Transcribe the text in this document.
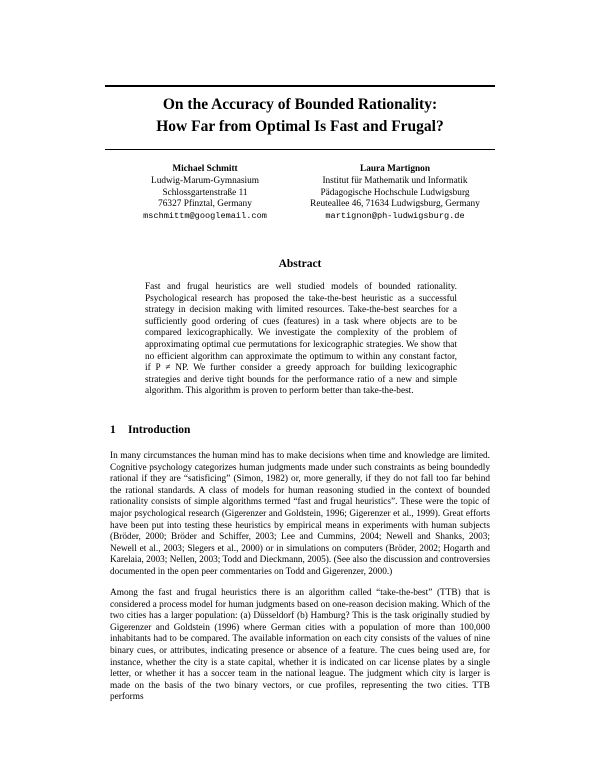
On the Accuracy of Bounded Rationality:
How Far from Optimal Is Fast and Frugal?
Michael Schmitt
Ludwig-Marum-Gymnasium
Schlossgartenstraße 11
76327 Pfinztal, Germany
mschmittm@googlemail.com
Laura Martignon
Institut für Mathematik und Informatik
Pädagogische Hochschule Ludwigsburg
Reuteallee 46, 71634 Ludwigsburg, Germany
martignon@ph-ludwigsburg.de
Abstract
Fast and frugal heuristics are well studied models of bounded rationality. Psychological research has proposed the take-the-best heuristic as a successful strategy in decision making with limited resources. Take-the-best searches for a sufficiently good ordering of cues (features) in a task where objects are to be compared lexicographically. We investigate the complexity of the problem of approximating optimal cue permutations for lexicographic strategies. We show that no efficient algorithm can approximate the optimum to within any constant factor, if P ≠ NP. We further consider a greedy approach for building lexicographic strategies and derive tight bounds for the performance ratio of a new and simple algorithm. This algorithm is proven to perform better than take-the-best.
1 Introduction
In many circumstances the human mind has to make decisions when time and knowledge are limited. Cognitive psychology categorizes human judgments made under such constraints as being boundedly rational if they are “satisficing” (Simon, 1982) or, more generally, if they do not fall too far behind the rational standards. A class of models for human reasoning studied in the context of bounded rationality consists of simple algorithms termed “fast and frugal heuristics”. These were the topic of major psychological research (Gigerenzer and Goldstein, 1996; Gigerenzer et al., 1999). Great efforts have been put into testing these heuristics by empirical means in experiments with human subjects (Bröder, 2000; Bröder and Schiffer, 2003; Lee and Cummins, 2004; Newell and Shanks, 2003; Newell et al., 2003; Slegers et al., 2000) or in simulations on computers (Bröder, 2002; Hogarth and Karelaia, 2003; Nellen, 2003; Todd and Dieckmann, 2005). (See also the discussion and controversies documented in the open peer commentaries on Todd and Gigerenzer, 2000.)
Among the fast and frugal heuristics there is an algorithm called “take-the-best” (TTB) that is considered a process model for human judgments based on one-reason decision making. Which of the two cities has a larger population: (a) Düsseldorf (b) Hamburg? This is the task originally studied by Gigerenzer and Goldstein (1996) where German cities with a population of more than 100,000 inhabitants had to be compared. The available information on each city consists of the values of nine binary cues, or attributes, indicating presence or absence of a feature. The cues being used are, for instance, whether the city is a state capital, whether it is indicated on car license plates by a single letter, or whether it has a soccer team in the national league. The judgment which city is larger is made on the basis of the two binary vectors, or cue profiles, representing the two cities. TTB performs
